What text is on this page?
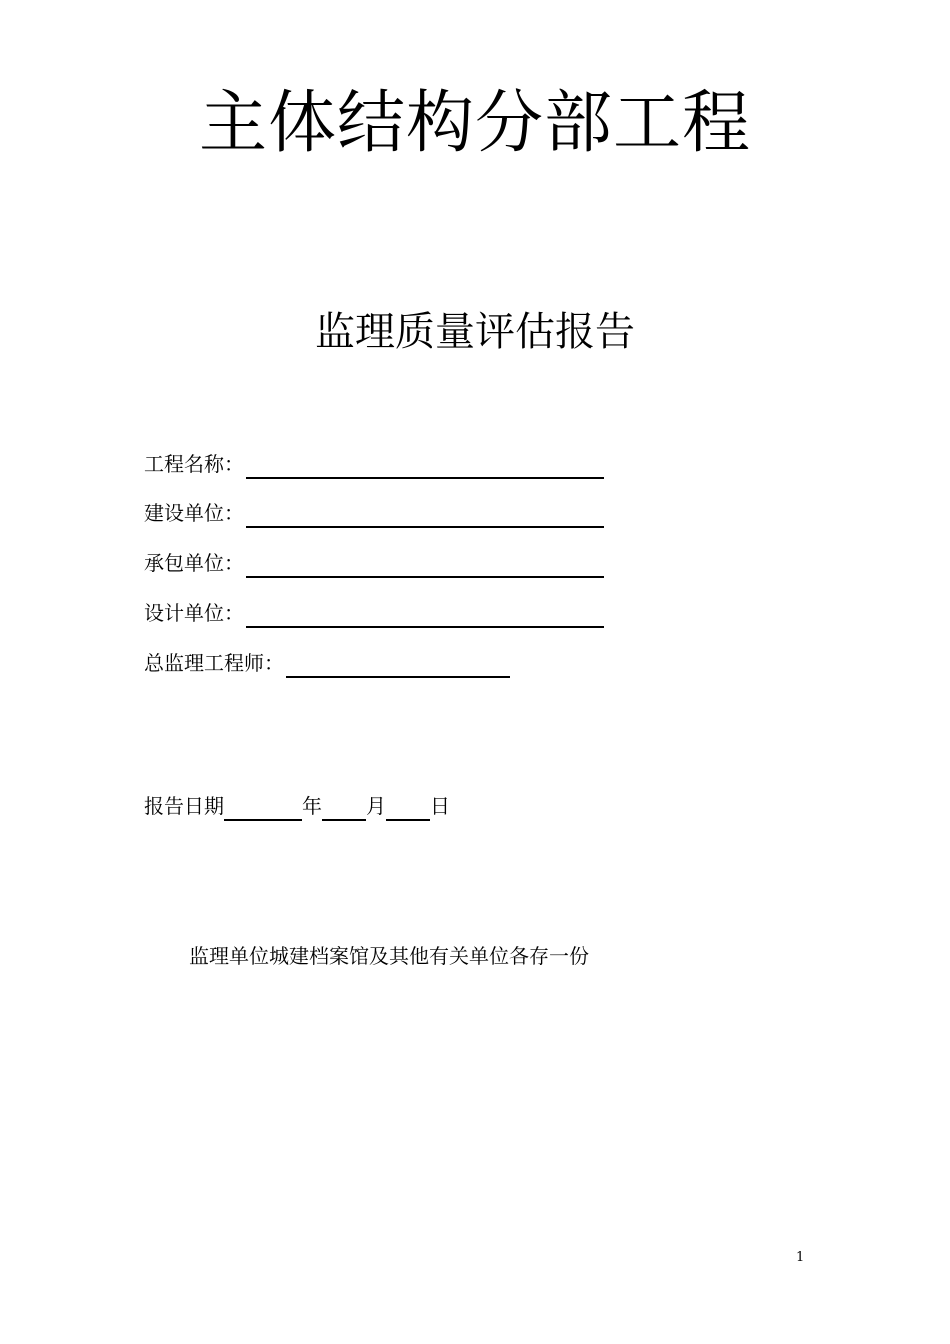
主体结构分部工程
监理质量评估报告
工程名称：
建设单位：
承包单位：
设计单位：
总监理工程师：
报告日期	年 月 日
监理单位城建档案馆及其他有关单位各存一份
1
